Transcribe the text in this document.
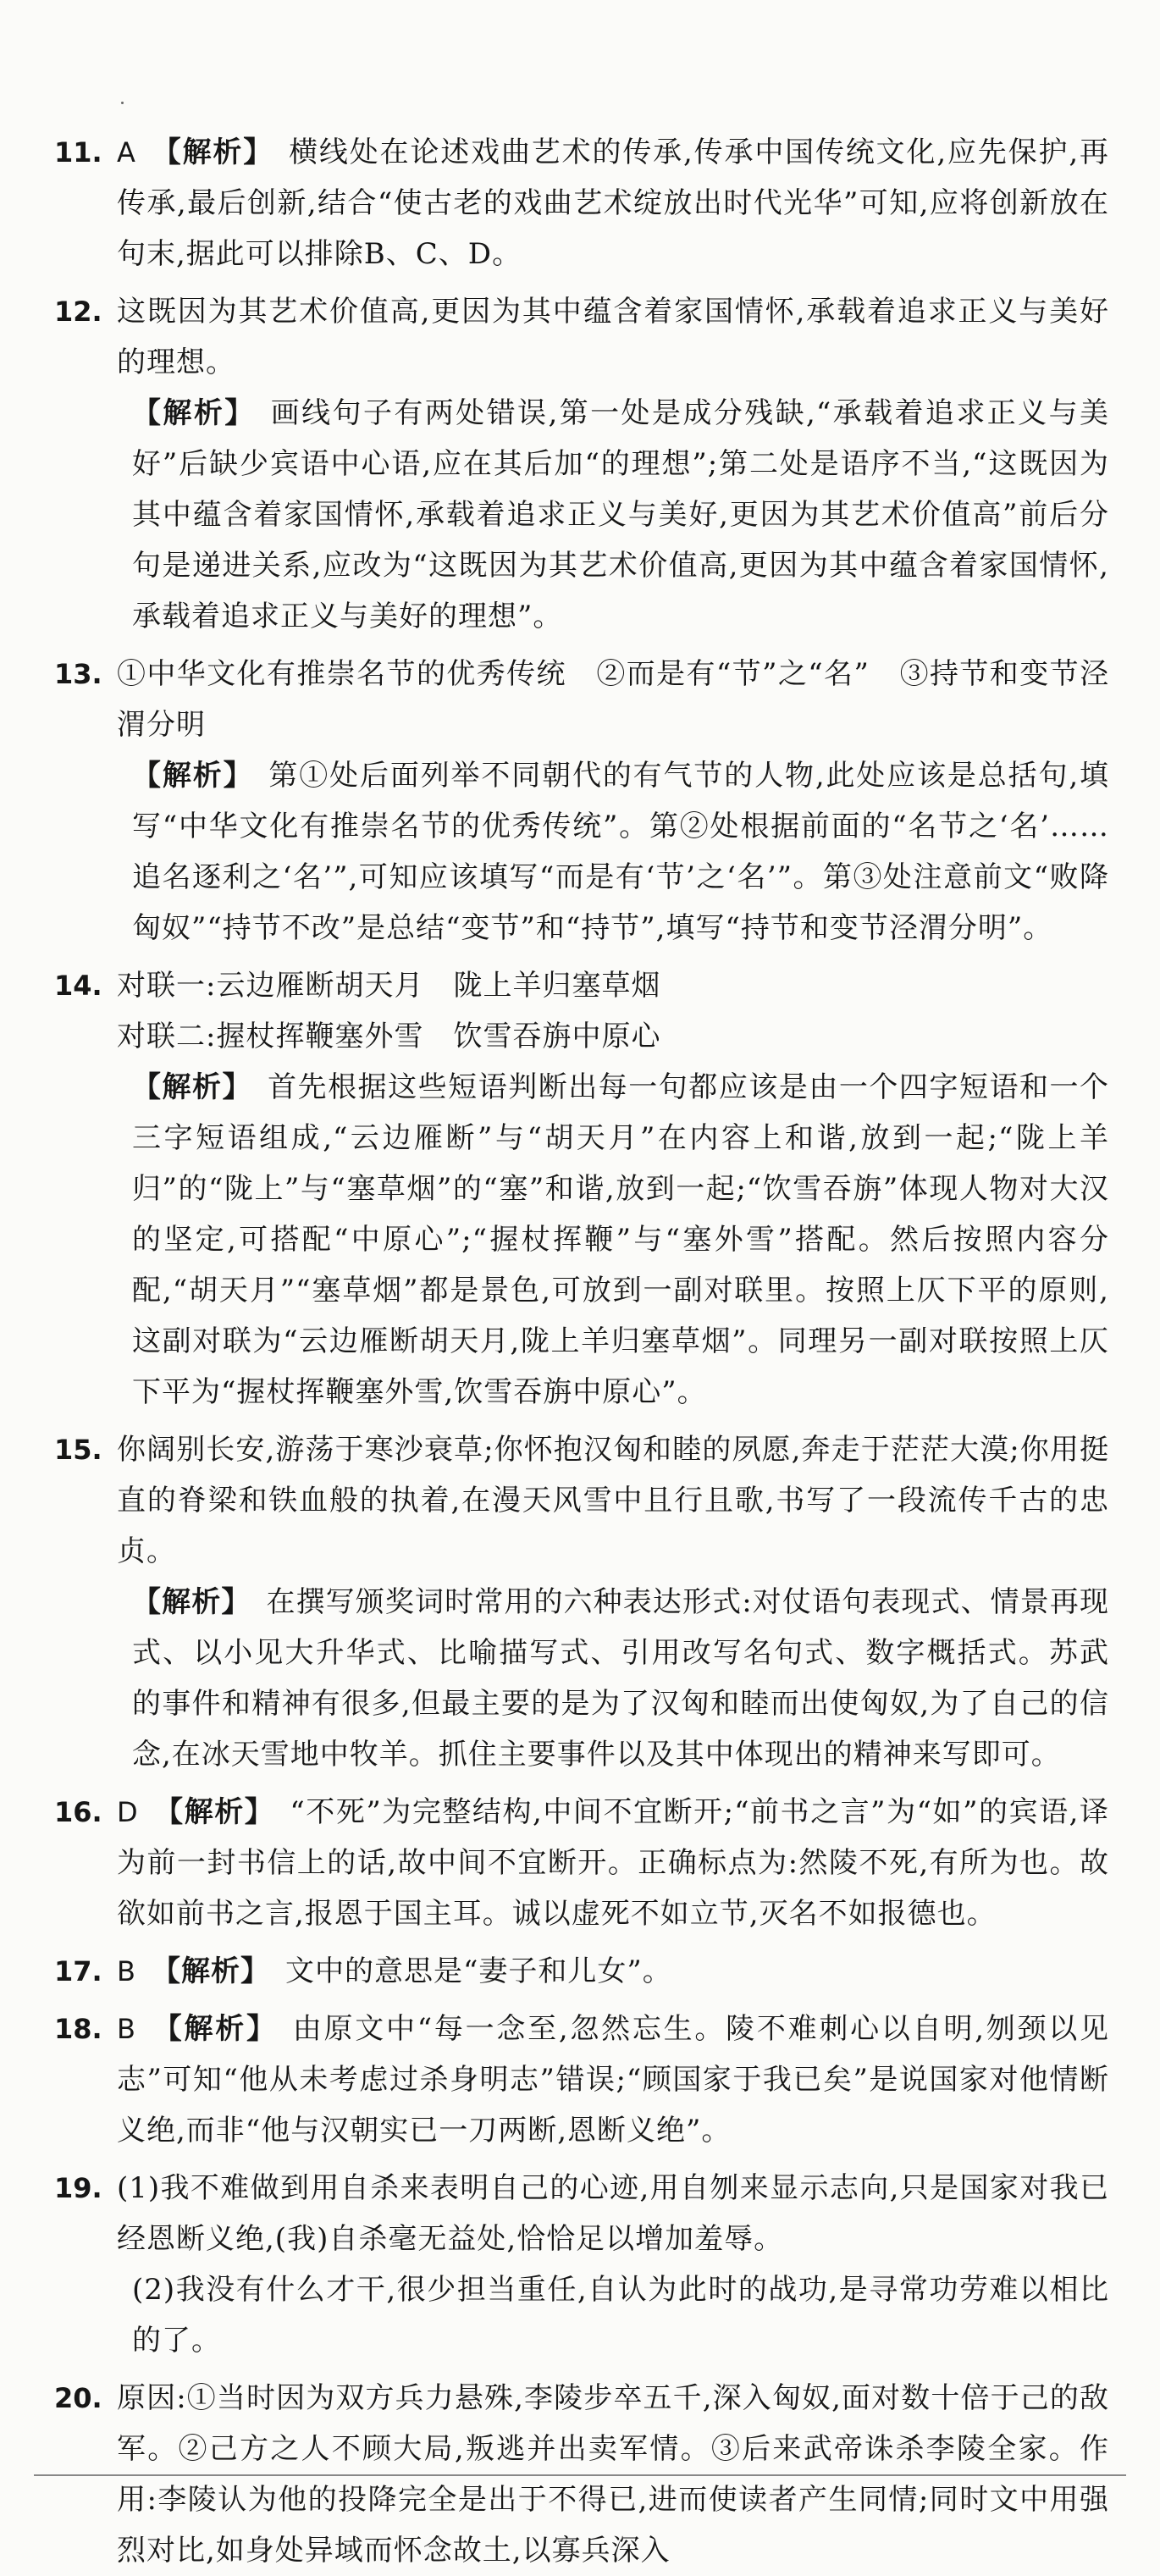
11. A 【解析】 横线处在论述戏曲艺术的传承,传承中国传统文化,应先保护,再传承,最后创新,结合“使古老的戏曲艺术绽放出时代光华”可知,应将创新放在句末,据此可以排除B、C、D。
12. 这既因为其艺术价值高,更因为其中蕴含着家国情怀,承载着追求正义与美好的理想。
【解析】 画线句子有两处错误,第一处是成分残缺,“承载着追求正义与美好”后缺少宾语中心语,应在其后加“的理想”;第二处是语序不当,“这既因为其中蕴含着家国情怀,承载着追求正义与美好,更因为其艺术价值高”前后分句是递进关系,应改为“这既因为其艺术价值高,更因为其中蕴含着家国情怀,承载着追求正义与美好的理想”。
13. ①中华文化有推崇名节的优秀传统　②而是有“节”之“名”　③持节和变节泾渭分明
【解析】 第①处后面列举不同朝代的有气节的人物,此处应该是总括句,填写“中华文化有推崇名节的优秀传统”。第②处根据前面的“名节之‘名’……追名逐利之‘名’”,可知应该填写“而是有‘节’之‘名’”。第③处注意前文“败降匈奴”“持节不改”是总结“变节”和“持节”,填写“持节和变节泾渭分明”。
14. 对联一:云边雁断胡天月　陇上羊归塞草烟
对联二:握杖挥鞭塞外雪　饮雪吞旃中原心
【解析】 首先根据这些短语判断出每一句都应该是由一个四字短语和一个三字短语组成,“云边雁断”与“胡天月”在内容上和谐,放到一起;“陇上羊归”的“陇上”与“塞草烟”的“塞”和谐,放到一起;“饮雪吞旃”体现人物对大汉的坚定,可搭配“中原心”;“握杖挥鞭”与“塞外雪”搭配。然后按照内容分配,“胡天月”“塞草烟”都是景色,可放到一副对联里。按照上仄下平的原则,这副对联为“云边雁断胡天月,陇上羊归塞草烟”。同理另一副对联按照上仄下平为“握杖挥鞭塞外雪,饮雪吞旃中原心”。
15. 你阔别长安,游荡于寒沙衰草;你怀抱汉匈和睦的夙愿,奔走于茫茫大漠;你用挺直的脊梁和铁血般的执着,在漫天风雪中且行且歌,书写了一段流传千古的忠贞。
【解析】 在撰写颁奖词时常用的六种表达形式:对仗语句表现式、情景再现式、以小见大升华式、比喻描写式、引用改写名句式、数字概括式。苏武的事件和精神有很多,但最主要的是为了汉匈和睦而出使匈奴,为了自己的信念,在冰天雪地中牧羊。抓住主要事件以及其中体现出的精神来写即可。
16. D 【解析】 “不死”为完整结构,中间不宜断开;“前书之言”为“如”的宾语,译为前一封书信上的话,故中间不宜断开。正确标点为:然陵不死,有所为也。故欲如前书之言,报恩于国主耳。诚以虚死不如立节,灭名不如报德也。
17. B 【解析】 文中的意思是“妻子和儿女”。
18. B 【解析】 由原文中“每一念至,忽然忘生。陵不难刺心以自明,刎颈以见志”可知“他从未考虑过杀身明志”错误;“顾国家于我已矣”是说国家对他情断义绝,而非“他与汉朝实已一刀两断,恩断义绝”。
19. (1)我不难做到用自杀来表明自己的心迹,用自刎来显示志向,只是国家对我已经恩断义绝,(我)自杀毫无益处,恰恰足以增加羞辱。
(2)我没有什么才干,很少担当重任,自认为此时的战功,是寻常功劳难以相比的了。
20. 原因:①当时因为双方兵力悬殊,李陵步卒五千,深入匈奴,面对数十倍于己的敌军。②己方之人不顾大局,叛逃并出卖军情。③后来武帝诛杀李陵全家。作用:李陵认为他的投降完全是出于不得已,进而使读者产生同情;同时文中用强烈对比,如身处异域而怀念故土,以寡兵深入
